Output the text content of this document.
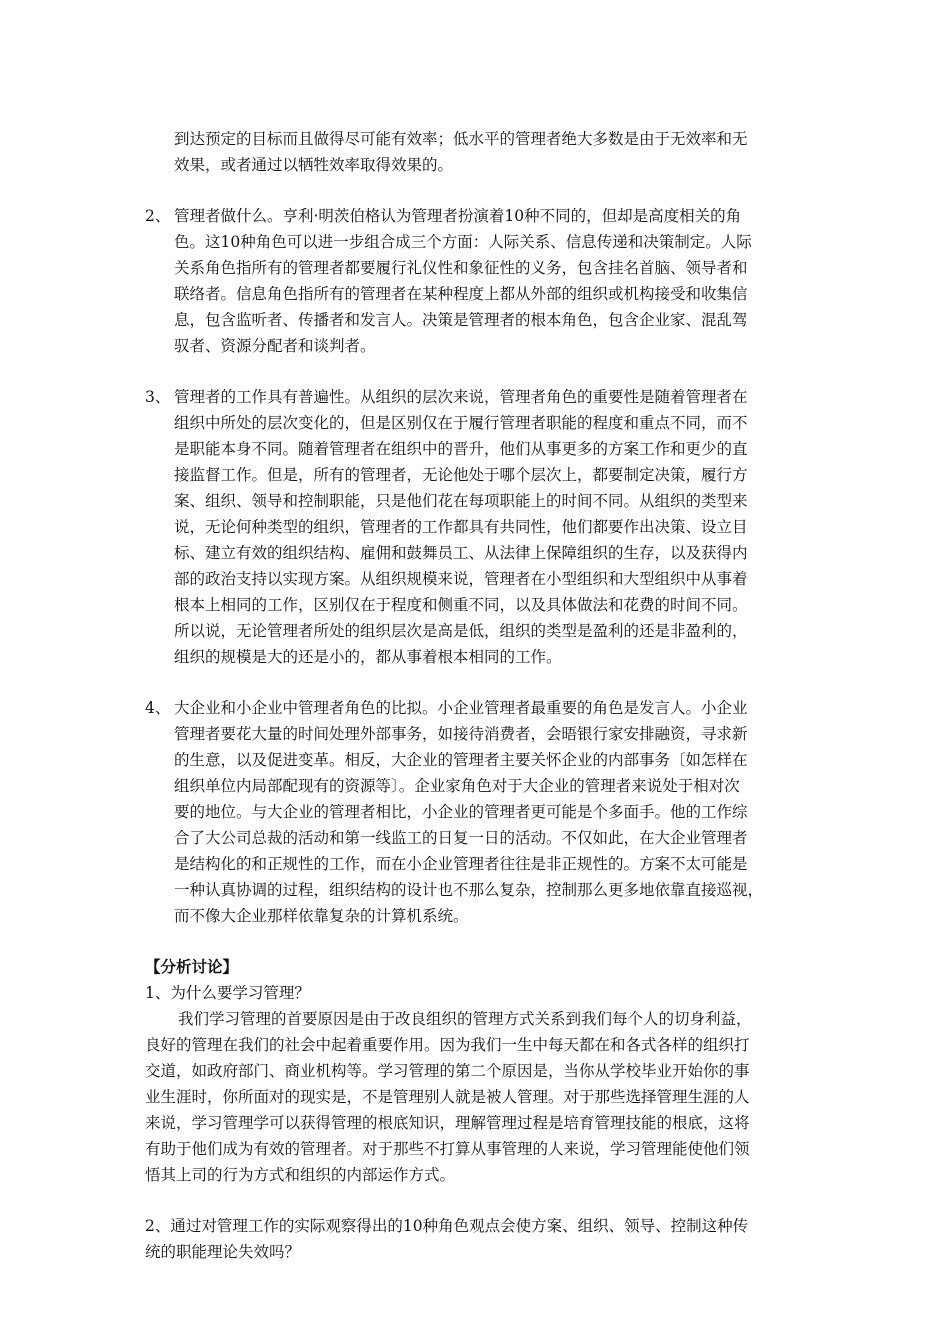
到达预定的目标而且做得尽可能有效率；低水平的管理者绝大多数是由于无效率和无
效果，或者通过以牺牲效率取得效果的。
2、 管理者做什么。亨利·明茨伯格认为管理者扮演着10种不同的，但却是高度相关的角
色。这10种角色可以进一步组合成三个方面：人际关系、信息传递和决策制定。人际
关系角色指所有的管理者都要履行礼仪性和象征性的义务，包含挂名首脑、领导者和
联络者。信息角色指所有的管理者在某种程度上都从外部的组织或机构接受和收集信
息，包含监听者、传播者和发言人。决策是管理者的根本角色，包含企业家、混乱驾
驭者、资源分配者和谈判者。
3、 管理者的工作具有普遍性。从组织的层次来说，管理者角色的重要性是随着管理者在
组织中所处的层次变化的，但是区别仅在于履行管理者职能的程度和重点不同，而不
是职能本身不同。随着管理者在组织中的晋升，他们从事更多的方案工作和更少的直
接监督工作。但是，所有的管理者，无论他处于哪个层次上，都要制定决策，履行方
案、组织、领导和控制职能，只是他们花在每项职能上的时间不同。从组织的类型来
说，无论何种类型的组织，管理者的工作都具有共同性，他们都要作出决策、设立目
标、建立有效的组织结构、雇佣和鼓舞员工、从法律上保障组织的生存，以及获得内
部的政治支持以实现方案。从组织规模来说，管理者在小型组织和大型组织中从事着
根本上相同的工作，区别仅在于程度和侧重不同，以及具体做法和花费的时间不同。
所以说，无论管理者所处的组织层次是高是低，组织的类型是盈利的还是非盈利的，
组织的规模是大的还是小的，都从事着根本相同的工作。
4、 大企业和小企业中管理者角色的比拟。小企业管理者最重要的角色是发言人。小企业
管理者要花大量的时间处理外部事务，如接待消费者，会晤银行家安排融资，寻求新
的生意，以及促进变革。相反，大企业的管理者主要关怀企业的内部事务〔如怎样在
组织单位内局部配现有的资源等〕。企业家角色对于大企业的管理者来说处于相对次
要的地位。与大企业的管理者相比，小企业的管理者更可能是个多面手。他的工作综
合了大公司总裁的活动和第一线监工的日复一日的活动。不仅如此，在大企业管理者
是结构化的和正规性的工作，而在小企业管理者往往是非正规性的。方案不太可能是
一种认真协调的过程，组织结构的设计也不那么复杂，控制那么更多地依靠直接巡视，
而不像大企业那样依靠复杂的计算机系统。
【分析讨论】
1、为什么要学习管理？
我们学习管理的首要原因是由于改良组织的管理方式关系到我们每个人的切身利益，
良好的管理在我们的社会中起着重要作用。因为我们一生中每天都在和各式各样的组织打
交道，如政府部门、商业机构等。学习管理的第二个原因是，当你从学校毕业开始你的事
业生涯时，你所面对的现实是，不是管理别人就是被人管理。对于那些选择管理生涯的人
来说，学习管理学可以获得管理的根底知识，理解管理过程是培育管理技能的根底，这将
有助于他们成为有效的管理者。对于那些不打算从事管理的人来说，学习管理能使他们领
悟其上司的行为方式和组织的内部运作方式。
2、通过对管理工作的实际观察得出的10种角色观点会使方案、组织、领导、控制这种传
统的职能理论失效吗？
